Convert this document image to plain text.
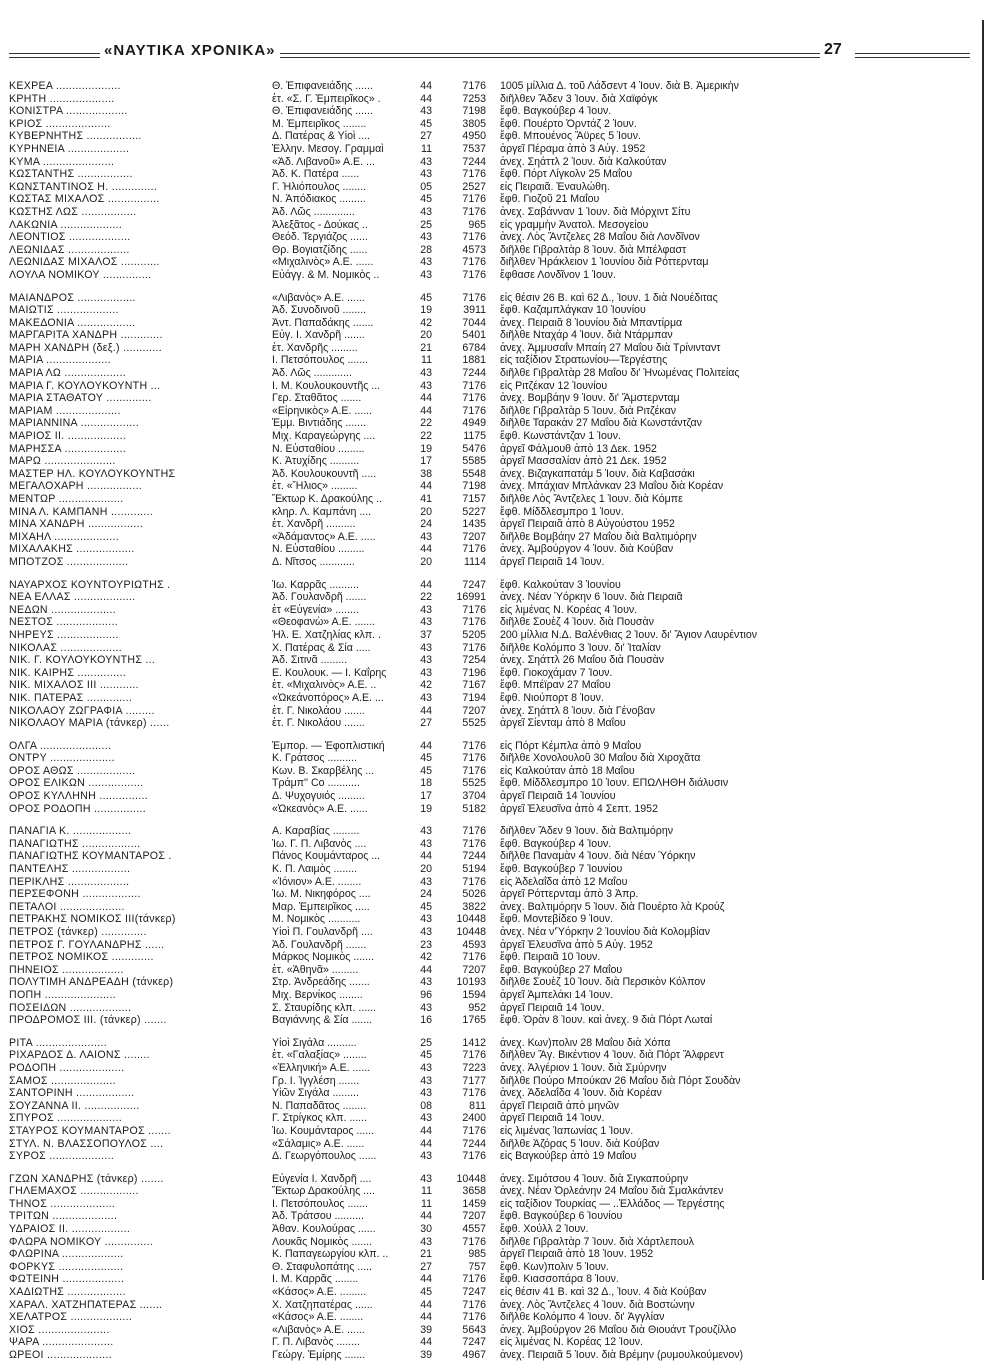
«ΝΑΥΤΙΚΑ ΧΡΟΝΙΚΑ»	27
ΚΕΧΡΕΑ ....................	Θ. Ἐπιφανειάδης ......	44	7176 1005 μίλλια Δ. τοῦ Λάδσεντ 4 Ἰουν. διὰ Β. Ἀμερικὴν
ΚΡΗΤΗ ....................	ἐτ. «Σ. Γ. Ἐμπειρῖκος» .	44	7253 διῆλθεν Ἄδεν 3 Ἰουν. διὰ Χαϊφόγκ
ΚΟΝΙΣΤΡΑ ...................	Θ. Ἐπιφανειάδης ......	43	7198 ἔφθ. Βαγκούβερ 4 Ἰουν.
ΚΡΙΟΣ ....................	Μ. Ἐμπειρῖκος ........	45	3805 ἔφθ. Πουέρτο Ὀρντάζ 2 Ἰουν.
ΚΥΒΕΡΝΗΤΗΣ .................	Δ. Πατέρας & Υἱοὶ ....	27	4950 ἔφθ. Μπουένος Ἄϋρες 5 Ἰουν.
ΚΥΡΗΝΕΙΑ ...................	Ἑλλην. Μεσογ. Γραμμαὶ	11	7537 ἀργεῖ Πέραμα ἀπὸ 3 Αὐγ. 1952
ΚΥΜΑ ......................	«Ἀδ. Λιβανοῦ» Α.Ε. ...	43	7244 ἀνεχ. Σηάττλ 2 Ἰουν. διὰ Καλκούταν
ΚΩΣΤΑΝΤΗΣ .................	Ἀδ. Κ. Πατέρα ......	43	7176 ἔφθ. Πόρτ Λίγκολν 25 Μαΐου
ΚΩΝΣΤΑΝΤΙΝΟΣ Η. ..............	Γ. Ἠλιόπουλος ........	05	2527 εἰς Πειραιᾶ. Ἐναυλώθη.
ΚΩΣΤΑΣ ΜΙΧΑΛΟΣ ................	Ν. Ἀπόδιακος .........	45	7176 ἔφθ. Γιοζοῦ 21 Μαΐου
ΚΩΣΤΗΣ ΛΩΣ .................	Ἀδ. Λῶς ..............	43	7176 ἀνεχ. Σαβάνναν 1 Ἰουν. διὰ Μόρχιντ Σίτυ
ΛΑΚΩΝΙΑ ...................	Ἀλεξᾶτος - Δούκας ..	25	965 εἰς γραμμὴν Ἀνατολ. Μεσογείου
ΛΕΟΝΤΙΟΣ ...................	Θεόδ. Τεργιάζος ......	43	7176 ἀνεχ. Λὸς Ἄντζελες 28 Μαΐου διὰ Λονδῖνον
ΛΕΩΝΙΔΑΣ ...................	Θρ. Βογιατζίδης ......	28	4573 διῆλθε Γιβραλτὰρ 8 Ἰουν. διὰ Μπέλφαστ
ΛΕΩΝΙΔΑΣ ΜΙΧΑΛΟΣ ............	«Μιχαλινὸς» Α.Ε. ......	43	7176 διῆλθεν Ἠράκλειον 1 Ἰουνίου διὰ Ρόττερνταμ
ΛΟΥΛΑ ΝΟΜΙΚΟΥ ...............	Εὐάγγ. & Μ. Νομικὸς ..	43	7176 ἔφθασε Λονδῖνον 1 Ἰουν.
ΜΑΙΑΝΔΡΟΣ ..................	«Λιβανὸς» Α.Ε. ......	45	7176 εἰς θέσιν 26 Β. καὶ 62 Δ., Ἰουν. 1 διὰ Νουέδιτας
ΜΑΙΩΤΙΣ ...................	Ἀδ. Συνοδινοῦ ........	19	3911 ἔφθ. Καζαμπλάγκαν 10 Ἰουνίου
ΜΑΚΕΔΟΝΙΑ ..................	Ἀντ. Παπαδάκης .......	42	7044 ἀνεχ. Πειραιᾶ 8 Ἰουνίου διὰ Μπαντίρμα
ΜΑΡΓΑΡΙΤΑ ΧΑΝΔΡΗ .............	Εὐγ. Ι. Χανδρῆ .......	20	5401 διῆλθε Νταχάρ 4 Ἰουν. διὰ Ντάρμπαν
ΜΑΡΗ ΧΑΝΔΡΗ (δεξ.) ............	ἐτ. Χανδρῆς .........	21	6784 ἀνεχ. Ἀμμυσαΐν Μπαίη 27 Μαΐου διὰ Τρίνινταντ
ΜΑΡΙΑ ....................	Ι. Πετσόπουλος .......	11	1881 εἰς ταξίδιον Στρατωνίου—Τεργέστης
ΜΑΡΙΑ ΛΩ ...................	Ἀδ. Λῶς .............	43	7244 διῆλθε Γιβραλτὰρ 28 Μαΐου δι' Ἡνωμένας Πολιτείας
ΜΑΡΙΑ Γ. ΚΟΥΛΟΥΚΟΥΝΤΗ ...	Ι. Μ. Κουλουκουντῆς ...	43	7176 εἰς Ριτζέκαν 12 Ἰουνίου
ΜΑΡΙΑ ΣΤΑΘΑΤΟΥ ..............	Γερ. Σταθᾶτος .......	44	7176 ἀνεχ. Βομβάην 9 Ἰουν. δι' Ἄμστερνταμ
ΜΑΡΙΑΜ ....................	«Εἰρηνικὸς» Α.Ε. ......	44	7176 διῆλθε Γιβραλτὰρ 5 Ἰουν. διὰ Ριτζέκαν
ΜΑΡΙΑΝΝΙΝΑ ..................	Ἐμμ. Βιντιάδης .......	22	4949 διῆλθε Ταρακὰν 27 Μαΐου διὰ Κωνστάντζαν
ΜΑΡΙΟΣ ΙΙ. ..................	Μιχ. Καραγεώργης ....	22	1175 ἔφθ. Κωνστάντζαν 1 Ἰουν.
ΜΑΡΗΣΣΑ ...................	Ν. Εὐσταθίου .........	19	5476 ἀργεῖ Φάλμουθ ἀπὸ 13 Δεκ. 1952
ΜΑΡΩ ......................	Κ. Ἀτυχίδης ..........	17	5585 ἀργεῖ Μασσαλίαν ἀπὸ 21 Δεκ. 1952
ΜΑΣΤΕΡ ΗΛ. ΚΟΥΛΟΥΚΟΥΝΤΗΣ	Ἀδ. Κουλουκουντῆ .....	38	5548 ἀνεχ. Βιζαγκαπατάμ 5 Ἰουν. διὰ Καβασάκι
ΜΕΓΑΛΟΧΑΡΗ .................	ἐτ. «Ἥλιος» .........	44	7198 ἀνεχ. Μπάχιαν Μπλάνκαν 23 Μαΐου διὰ Κορέαν
ΜΕΝΤΩΡ ....................	Ἕκτωρ Κ. Δρακούλης ..	41	7157 διῆλθε Λὸς Ἄντζελες 1 Ἰουν. διὰ Κόμπε
ΜΙΝΑ Λ. ΚΑΜΠΑΝΗ .............	κληρ. Λ. Καμπάνη ....	20	5227 ἔφθ. Μίδδλεσμπρο 1 Ἰουν.
ΜΙΝΑ ΧΑΝΔΡΗ .................	ἐτ. Χανδρῆ ..........	24	1435 ἀργεῖ Πειραιᾶ ἀπὸ 8 Αὐγούστου 1952
ΜΙΧΑΗΛ ....................	«Ἀδάμαντος» Α.Ε. .....	43	7207 διῆλθε Βομβάην 27 Μαΐου διὰ Βαλτιμόρην
ΜΙΧΑΛΑΚΗΣ ..................	Ν. Εὐσταθίου .........	44	7176 ἀνεχ. Ἀμβούργον 4 Ἰουν. διὰ Κούβαν
ΜΠΟΤΖΟΣ ...................	Δ. Νῖτσος ............	20	1114 ἀργεῖ Πειραιᾶ 14 Ἰουν.
ΝΑΥΑΡΧΟΣ ΚΟΥΝΤΟΥΡΙΩΤΗΣ .	Ἰω. Καρρᾶς ..........	44	7247 ἔφθ. Καλκούταν 3 Ἰουνίου
ΝΕΑ ΕΛΛΑΣ ...................	Ἀδ. Γουλανδρῆ .......	22	16991 ἀνεχ. Νέαν Ὑόρκην 6 Ἰουν. διὰ Πειραιᾶ
ΝΕΔΩΝ ....................	ἐτ «Εὐγενία» ........	43	7176 εἰς λιμένας Ν. Κορέας 4 Ἰουν.
ΝΕΣΤΟΣ ...................	«Θεοφανὼ» Α.Ε. .......	43	7176 διῆλθε Σουὲζ 4 Ἰουν. διὰ Πουσὰν
ΝΗΡΕΥΣ ...................	Ἠλ. Ε. Χατζηλίας κλπ. .	37	5205 200 μίλλια Ν.Δ. Βαλένθιας 2 Ἰουν. δι' Ἅγιον Λαυρέντιον
ΝΙΚΟΛΑΣ ...................	Χ. Πατέρας & Σία .....	43	7176 διῆλθε Κολόμπο 3 Ἰουν. δι' Ἰταλίαν
ΝΙΚ. Γ. ΚΟΥΛΟΥΚΟΥΝΤΗΣ ...	Ἀδ. Σιτινᾶ .........	43	7254 ἀνεχ. Σηάττλ 26 Μαΐου διὰ Πουσὰν
ΝΙΚ. ΚΑΙΡΗΣ ...............	Ε. Κουλουκ. — Ι. Καΐρης	43	7196 ἔφθ. Γιοκοχάμαν 7 Ἰουν.
ΝΙΚ. ΜΙΧΑΛΟΣ ΙΙΙ ............	ἐτ. «Μιχαλινὸς» Α.Ε. ..	42	7167 ἔφθ. Μπέϊραν 27 Μαΐου
ΝΙΚ. ΠΑΤΕΡΑΣ ..............	«Ὠκεάνοπόρος» Α.Ε. ...	43	7194 ἔφθ. Νιούπορτ 8 Ἰουν.
ΝΙΚΟΛΑΟΥ ΖΩΓΡΑΦΙΑ .........	ἐτ. Γ. Νικολάου .......	44	7207 ἀνεχ. Σηάττλ 8 Ἰουν. διὰ Γένοβαν
ΝΙΚΟΛΑΟΥ ΜΑΡΙΑ (τάνκερ) ......	ἐτ. Γ. Νικολάου .......	27	5525 ἀργεῖ Σίενταμ ἀπὸ 8 Μαΐου
ΟΛΓΑ ......................	Ἐμπορ. — Ἐφοπλιστική	44	7176 εἰς Πόρτ Κέμπλα ἀπὸ 9 Μαΐου
ΟΝΤΡΥ ....................	Κ. Γράτσος ..........	45	7176 διῆλθε Χονολουλοῦ 30 Μαΐου διὰ Χιροχᾶτα
ΟΡΟΣ ΑΘΩΣ ..................	Κων. Β. Σκαρβέλης ...	45	7176 εἰς Καλκούταν ἀπὸ 18 Μαΐου
ΟΡΟΣ ΕΛΙΚΩΝ .................	Τράμπ'' Co ...........	18	5525 ἔφθ. Μίδδλεσμπρο 10 Ἰουν. ΕΠΩΛΗΘΗ διάλυσιν
ΟΡΟΣ ΚΥΛΛΗΝΗ ...............	Δ. Ψυχογυιός .........	17	3704 ἀργεῖ Πειραιᾶ 14 Ἰουνίου
ΟΡΟΣ ΡΟΔΟΠΗ ................	«Ὠκεανὸς» Α.Ε. ......	19	5182 ἀργεῖ Ἐλευσῖνα ἀπὸ 4 Σεπτ. 1952
ΠΑΝΑΓΙΑ Κ. ..................	Α. Καραβίας .........	43	7176 διῆλθεν Ἄδεν 9 Ἰουν. διὰ Βαλτιμόρην
ΠΑΝΑΓΙΩΤΗΣ ..................	Ἰω. Γ. Π. Λιβανὸς ....	43	7176 ἔφθ. Βαγκούβερ 4 Ἰουν.
ΠΑΝΑΓΙΩΤΗΣ ΚΟΥΜΑΝΤΑΡΟΣ .	Πάνος Κουμάνταρος ...	44	7244 διῆλθε Παναμὰν 4 Ἰουν. διὰ Νέαν Ὑόρκην
ΠΑΝΤΕΛΗΣ ..................	Κ. Π. Λαιμὸς ........	20	5194 ἔφθ. Βαγκούβερ 7 Ἰουνίου
ΠΕΡΙΚΛΗΣ ...................	«Ἰόνιον» Α.Ε. ........	43	7176 εἰς Ἀδελαΐδα ἀπὸ 12 Μαΐου
ΠΕΡΣΕΦΟΝΗ ..................	Ἰω. Μ. Νικηφόρος ....	24	5026 ἀργεῖ Ρόττερνταμ ἀπὸ 3 Ἀπρ.
ΠΕΤΑΛΟΙ ....................	Μαρ. Ἐμπειρῖκος .....	45	3822 ἀνεχ. Βαλτιμόρην 5 Ἰουν. διὰ Πουέρτο λὰ Κρούζ
ΠΕΤΡΑΚΗΣ ΝΟΜΙΚΟΣ ΙΙΙ(τάνκερ)	Μ. Νομικὸς ...........	43	10448 ἔφθ. Μοντεβίδεο 9 Ἰουν.
ΠΕΤΡΟΣ (τάνκερ) ..............	Υἱοὶ Π. Γουλανδρῆ ....	43	10448 ἀνεχ. Νέα ν'Ὑόρκην 2 Ἰουνίου διὰ Κολομβίαν
ΠΕΤΡΟΣ Γ. ΓΟΥΛΑΝΔΡΗΣ ......	Ἀδ. Γουλανδρῆ .......	23	4593 ἀργεῖ Ἐλευσῖνα ἀπὸ 5 Αὐγ. 1952
ΠΕΤΡΟΣ ΝΟΜΙΚΟΣ .............	Μάρκος Νομικὸς .......	42	7176 ἔφθ. Πειραιᾶ 10 Ἰουν.
ΠΗΝΕΙΟΣ ...................	ἐτ. «Ἀθηνᾶ» .........	44	7207 ἔφθ. Βαγκούβερ 27 Μαΐου
ΠΟΛΥΤΙΜΗ ΑΝΔΡΕΑΔΗ (τάνκερ)	Στρ. Ἀνδρεάδης .......	43	10193 διῆλθε Σουὲζ 10 Ἰουν. διὰ Περσικὸν Κόλπον
ΠΟΠΗ ......................	Μιχ. Βερνίκος ........	96	1594 ἀργεῖ Ἀμπελάκι 14 Ἰουν.
ΠΟΣΕΙΔΩΝ ...................	Σ. Σταυρίδης κλπ. ......	43	952 ἀργεῖ Πειραιᾶ 14 Ἰουν.
ΠΡΟΔΡΟΜΟΣ ΙΙΙ. (τάνκερ) .......	Βαγιάννης & Σία .......	16	1765 ἔφθ. Ὀρὰν 8 Ἰουν. καὶ ἀνεχ. 9 διὰ Πόρτ Λωταί
ΡΙΤΑ ......................	Υἱοὶ Σιγάλα ..........	25	1412 ἀνεχ. Κων)πολιν 28 Μαΐου διὰ Χόπα
ΡΙΧΑΡΔΟΣ Δ. ΛΑΙΟΝΣ ........	ἐτ. «Γαλαξίας» ........	45	7176 διῆλθεν Ἅγ. Βικέντιον 4 Ἰουν. διὰ Πόρτ Ἄλφρεντ
ΡΟΔΟΠΗ ....................	«Ἑλληνική» Α.Ε. ......	43	7223 ἀνεχ. Ἀλγέριον 1 Ἰουν. διὰ Σμύρνην
ΣΑΜΟΣ ....................	Γρ. Ι. Ἰγγλέση .......	43	7177 διῆλθε Πούρο Μπούκαν 26 Μαΐου διὰ Πόρτ Σουδὰν
ΣΑΝΤΟΡΙΝΗ ..................	Υἱῶν Σιγάλα .........	43	7176 ἀνεχ. Ἀδελαΐδα 4 Ἰουν. διὰ Κορέαν
ΣΟΥΖΑΝΝΑ ΙΙ. .................	Ν. Παπαδᾶτος ........	08	811 ἀργεῖ Πειραιᾶ ἀπὸ μηνῶν
ΣΠΥΡΟΣ ....................	Γ. Στρίγκος κλπ. ......	43	2400 ἀργεῖ Πειραιᾶ 14 Ἰουν.
ΣΤΑΥΡΟΣ ΚΟΥΜΑΝΤΑΡΟΣ .......	Ἰω. Κουμάνταρος ......	44	7176 εἰς λιμένας Ἰαπωνίας 1 Ἰουν.
ΣΤΥΛ. Ν. ΒΛΑΣΣΟΠΟΥΛΟΣ ....	«Σάλαμις» Α.Ε. ......	44	7244 διῆλθε Ἀζόρας 5 Ἰουν. διὰ Κούβαν
ΣΥΡΟΣ ....................	Δ. Γεωργόπουλος ......	43	7176 εἰς Βαγκούβερ ἀπὸ 19 Μαΐου
ΓΖΩΝ ΧΑΝΔΡΗΣ (τάνκερ) .......	Εὐγενία Ι. Χανδρῆ ....	43	10448 ἀνεχ. Σιμότσου 4 Ἰουν. διὰ Σιγκαπούρην
ΓΗΛΕΜΑΧΟΣ ..................	Ἕκτωρ Δρακούλης ....	11	3658 ἀνεχ. Νέαν Ὀρλεάνην 24 Μαΐου διὰ Σμαλκάντεν
ΤΗΝΟΣ ....................	Ι. Πετσόπουλος .......	11	1459 εἰς ταξίδιον Τουρκίας — ..Ἑλλάδος — Τεργέστης
ΤΡΙΤΩΝ ....................	Ἀδ. Τράτσου ..........	44	7207 ἔφθ. Βαγκούβερ 6 Ἰουνίου
ΥΔΡΑΙΟΣ ΙΙ. ..................	Ἀθαν. Κουλούρας ......	30	4557 ἔφθ. Χούλλ 2 Ἰουν.
ΦΛΩΡΑ ΝΟΜΙΚΟΥ ...............	Λουκᾶς Νομικὸς .......	43	7176 διῆλθε Γιβραλτὰρ 7 Ἰουν. διὰ Χάρτλεπουλ
ΦΛΩΡΙΝΑ ...................	Κ. Παπαγεωργίου κλπ. ..	21	985 ἀργεῖ Πειραιᾶ ἀπὸ 18 Ἰουν. 1952
ΦΟΡΚΥΣ ....................	Θ. Σταφυλοπάτης .....	27	757 ἔφθ. Κων)πολιν 5 Ἰουν.
ΦΩΤΕΙΝΗ ...................	Ι. Μ. Καρρᾶς ........	44	7176 ἔφθ. Κιασσοπάρα 8 Ἰουν.
ΧΑΔΙΩΤΗΣ ..................	«Κάσος» Α.Ε. .........	45	7247 εἰς θέσιν 41 Β. καὶ 32 Δ., Ἰουν. 4 διὰ Κούβαν
ΧΑΡΑΛ. ΧΑΤΖΗΠΑΤΕΡΑΣ .......	Χ. Χατζηπατέρας ......	44	7176 ἀνεχ. Λὸς Ἄντζελες 4 Ἰουν. διὰ Βοστώνην
ΧΕΛΑΤΡΟΣ ...................	«Κάσος» Α.Ε. ........	44	7176 διῆλθε Κολόμπο 4 Ἰουν. δι' Ἀγγλίαν
ΧΙΟΣ ......................	«Λιβανὸς» Α.Ε. ......	39	5643 ἀνεχ. Ἀμβούργον 26 Μαΐου διὰ Θιουάντ Τρουζίλλο
ΨΑΡΑ ......................	Γ. Π. Λιβανὸς ........	44	7247 εἰς λιμένας Ν. Κορέας 12 Ἰουν.
ΩΡΕΟΙ ....................	Γεώργ. Ἐμίρης .......	39	4967 ἀνεχ. Πειραιᾶ 5 Ἰουν. διὰ Βρέμην (ρυμουλκούμενον)
